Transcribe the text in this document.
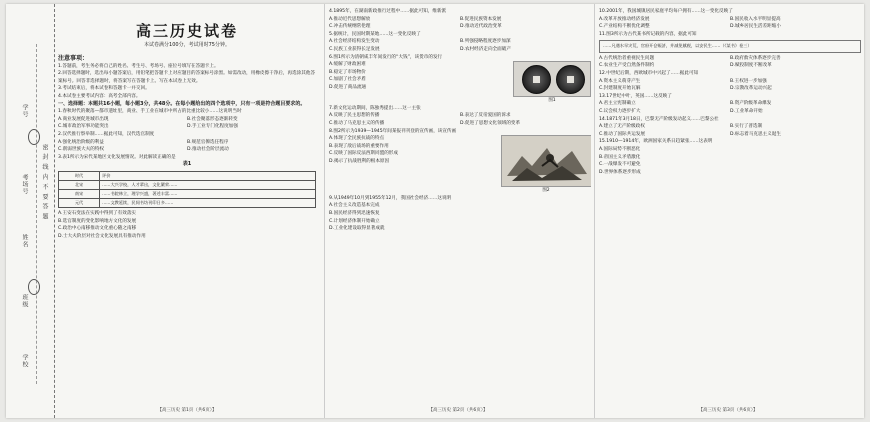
学号
考场号
姓名
班级
学校
密 封 线 内 不 要 答 题
高三历史试卷
本试卷满分100分，考试用时75分钟。
注意事项：

1.答题前，考生务必将自己的姓名、考生号、考场号、座位号填写在答题卡上。

2.回答选择题时，选出每小题答案后，用铅笔把答题卡上对应题目的答案标号涂黑。如需改动，用橡皮擦干净后，再选涂其他答案标号。回答非选择题时，将答案写在答题卡上。写在本试卷上无效。

3.考试结束后，将本试卷和答题卡一并交回。

4.本试卷主要考试内容：高考全部内容。

一、选择题：本题共16小题，每小题3分，共48分。在每小题给出的四个选项中，只有一项是符合题目要求的。

1.春秋时代的聚落—都市遗址里，商业、手工业在城市中所占的比重比较小……这说明当时

A.商业发展促进城市出现	B.社会聚落形态逐渐转变
C.城市政治军事功能突出	D.手工业专门化程度加强

2.汉代推行察举制……据此可知，汉代选官制度

A.强化统治阶级的利益	B.规范官僚选任程序
C.削弱世族大夫的特权	D.推动社会阶层流动

3.表1所示为宋代某地区文化发展情况。对此解读正确的是

表1
时代	评价
北宋	……大兴学校，人才辈出，文化繁荣……
南宋	……书院林立，理学兴盛，著述丰富……
元代	……文教延续，民间书坊刊印日多……

A.王安石变法在实践中得到了有效落实

B.选官制度的变化影响地方文化的发展

C.政治中心南移推动文化重心随之南移

D.士大夫阶层对社会文化发展具有推动作用

【高三历史 第1页（共6页）】

4.1895年，在湖南新政推行过程中……据此可知，维新派

A.推动近代思想解放	B.促进民族资本发展
C.冲击传统纲常伦理	D.推动近代政治变革

5.据统计，民国时期某地……这一变化反映了

A.社会经济结构发生变动	B.列强侵略程度逐步加深
C.民族工业获得长足发展	D.农村经济走向全面破产

6.图1所示为清朝咸丰年间发行的“大钱”，该货币的发行

A.缓解了财政困难

B.稳定了市场物价

C.加剧了社会矛盾

D.促进了商品流通

图1

7.新文化运动期间，陈独秀提出……这一主张

A.反映了民主思想的传播	B.表达了反帝爱国的诉求
C.推动了马克思主义的传播	D.促进了思想文化领域的变革

8.图2所示为1939—1945年间某报刊刊登的宣传画，该宣传画

A.体现了全民族抗战的特点

B.表现了敌后战场的重要作用

C.反映了国际反法西斯同盟的形成

D.揭示了抗战胜利的根本原因

图2

9.从1949年10月到1955年12月，我国社会经济……这说明

A.社会主义改造基本完成

B.国民经济得到迅速恢复

C.计划经济体制开始确立

D.工业化建设取得显著成就

【高三历史 第2页（共6页）】

10.2001年，我国城镇居民家庭平均每户拥有……这一变化反映了

A.改革开放推动经济发展	B.国民收入水平明显提高
C.产业结构不断优化调整	D.城乡居民生活差距缩小

11.图3所示为古代某书所记载的内容，据此可知

……凡遇水旱灾荒，官府开仓赈济，并减免赋税，以安民生……（《某书》卷三）
A.古代统治者重视民生问题	B.政府救灾体系逐步完善
C.农业生产受自然条件制约	D.赋役制度不断改革

12.中世纪后期，西欧城市中兴起了……据此可知

A.资本主义萌芽产生	B.王权进一步加强
C.封建制度开始瓦解	D.宗教改革运动兴起

13.17世纪中叶，英国……这反映了

A.君主立宪制确立	B.资产阶级革命爆发
C.议会权力逐步扩大	D.工业革命开始

14.1871年3月18日，巴黎无产阶级发动起义……巴黎公社

A.建立了无产阶级政权	B.实行了普选制
C.推动了国际共运发展	D.标志着马克思主义诞生

15.1910—1914年，欧洲国家关系日趋紧张……这表明

A.国际局势不断恶化

B.帝国主义矛盾激化

C.一战爆发不可避免

D.世界体系逐步形成

【高三历史 第3页（共6页）】
